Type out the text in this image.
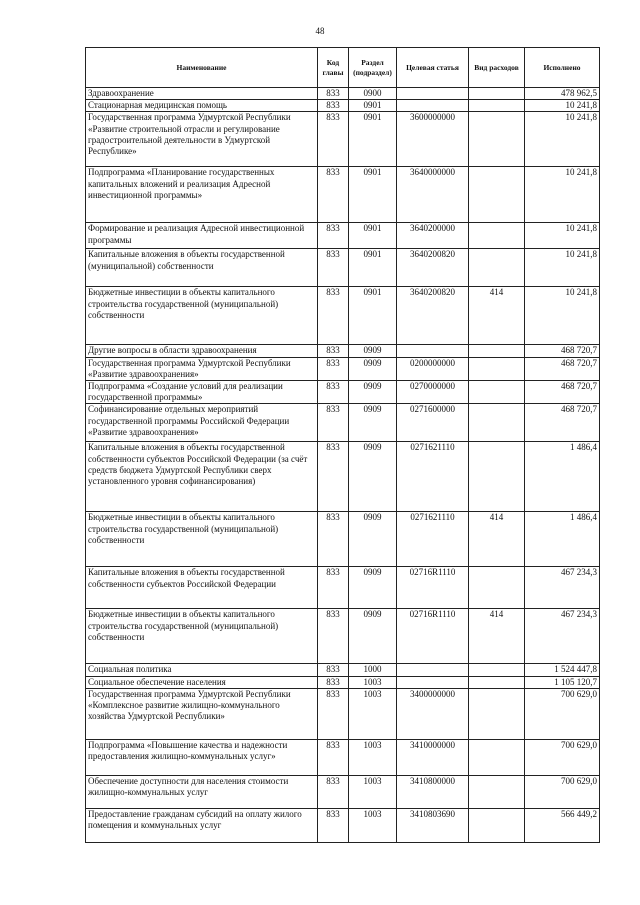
48
Наименование	Код главы	Раздел (подраздел)	Целевая статья	Вид расходов	Исполнено
Здравоохранение	833	0900			478 962,5
Стационарная медицинская помощь	833	0901			10 241,8
Государственная программа Удмуртской Республики «Развитие строительной отрасли и регулирование градостроительной деятельности в Удмуртской Республике»	833	0901	3600000000		10 241,8
Подпрограмма «Планирование государственных капитальных вложений и реализация Адресной инвестиционной программы»	833	0901	3640000000		10 241,8
Формирование и реализация Адресной инвестиционной программы	833	0901	3640200000		10 241,8
Капитальные вложения в объекты государственной (муниципальной) собственности	833	0901	3640200820		10 241,8
Бюджетные инвестиции в объекты капитального строительства государственной (муниципальной) собственности	833	0901	3640200820	414	10 241,8
Другие вопросы в области здравоохранения	833	0909			468 720,7
Государственная программа Удмуртской Республики «Развитие здравоохранения»	833	0909	0200000000		468 720,7
Подпрограмма «Создание условий для реализации государственной программы»	833	0909	0270000000		468 720,7
Софинансирование отдельных мероприятий государственной программы Российской Федерации «Развитие здравоохранения»	833	0909	0271600000		468 720,7
Капитальные вложения в объекты государственной собственности субъектов Российской Федерации (за счёт средств бюджета Удмуртской Республики сверх установленного уровня софинансирования)	833	0909	0271621110		1 486,4
Бюджетные инвестиции в объекты капитального строительства государственной (муниципальной) собственности	833	0909	0271621110	414	1 486,4
Капитальные вложения в объекты государственной собственности субъектов Российской Федерации	833	0909	02716R1110		467 234,3
Бюджетные инвестиции в объекты капитального строительства государственной (муниципальной) собственности	833	0909	02716R1110	414	467 234,3
Социальная политика	833	1000			1 524 447,8
Социальное обеспечение населения	833	1003			1 105 120,7
Государственная программа Удмуртской Республики «Комплексное развитие жилищно-коммунального хозяйства Удмуртской Республики»	833	1003	3400000000		700 629,0
Подпрограмма «Повышение качества и надежности предоставления жилищно-коммунальных услуг»	833	1003	3410000000		700 629,0
Обеспечение доступности для населения стоимости жилищно-коммунальных услуг	833	1003	3410800000		700 629,0
Предоставление гражданам субсидий на оплату жилого помещения и коммунальных услуг	833	1003	3410803690		566 449,2
